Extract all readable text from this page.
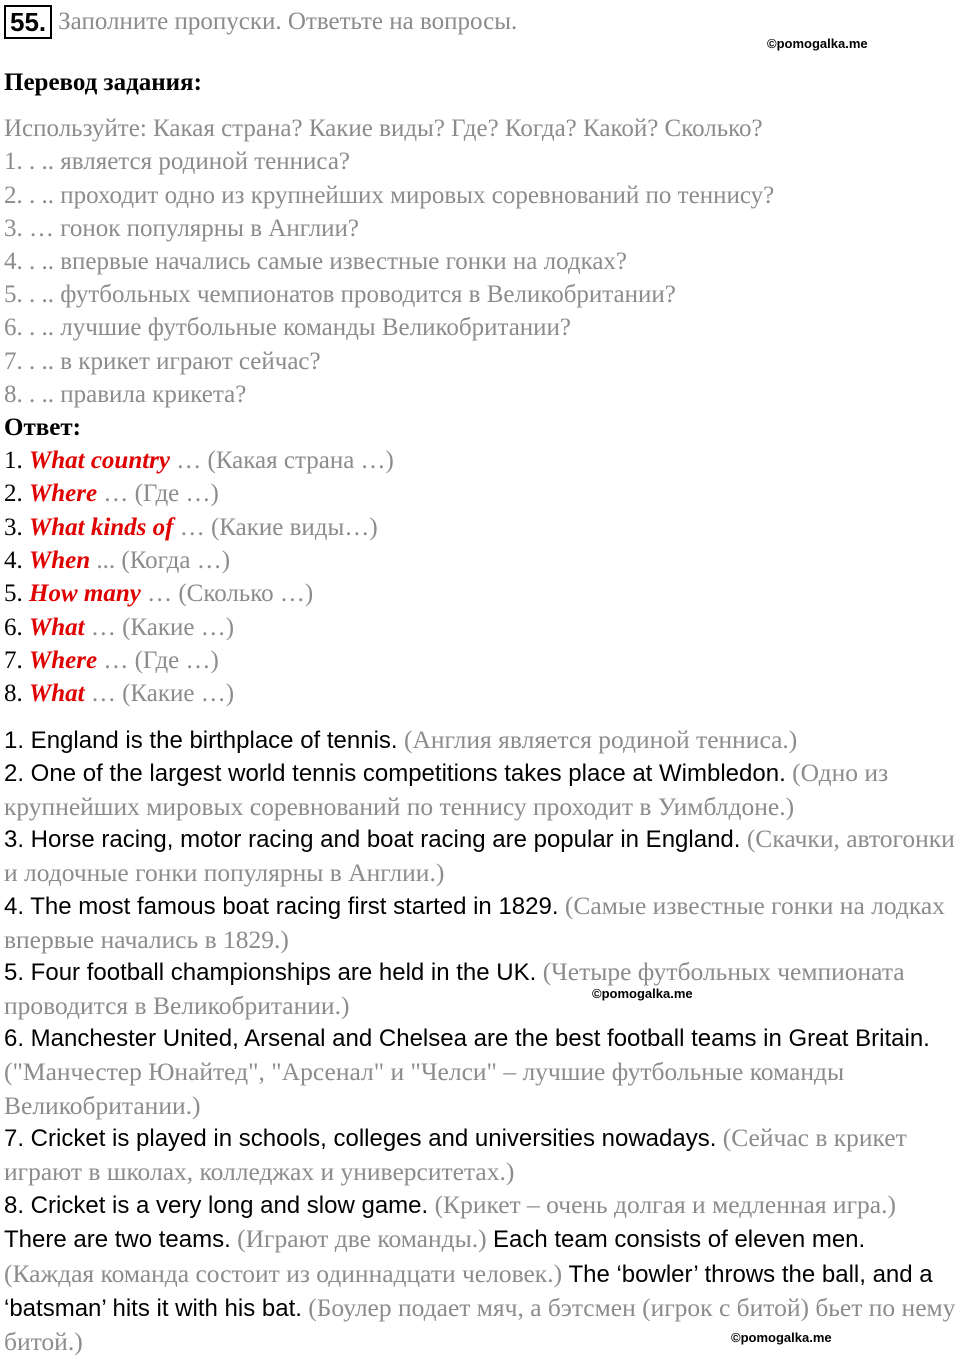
55. Заполните пропуски. Ответьте на вопросы.
©pomogalka.me
Перевод задания:
Используйте: Какая страна? Какие виды? Где? Когда? Какой? Сколько?
1. . .. является родиной тенниса?
2. . .. проходит одно из крупнейших мировых соревнований по теннису?
3. … гонок популярны в Англии?
4. . .. впервые начались самые известные гонки на лодках?
5. . .. футбольных чемпионатов проводится в Великобритании?
6. . .. лучшие футбольные команды Великобритании?
7. . .. в крикет играют сейчас?
8. . .. правила крикета?
Ответ:
1. What country … (Какая страна …)
2. Where … (Где …)
3. What kinds of … (Какие виды…)
4. When ... (Когда …)
5. How many … (Сколько …)
6. What … (Какие …)
7. Where … (Где …)
8. What … (Какие …)
1. England is the birthplace of tennis. (Англия является родиной тенниса.)
2. One of the largest world tennis competitions takes place at Wimbledon. (Одно из крупнейших мировых соревнований по теннису проходит в Уимблдоне.)
3. Horse racing, motor racing and boat racing are popular in England. (Скачки, автогонки и лодочные гонки популярны в Англии.)
4. The most famous boat racing first started in 1829. (Самые известные гонки на лодках впервые начались в 1829.)
5. Four football championships are held in the UK. (Четыре футбольных чемпионата проводится в Великобритании.)
6. Manchester United, Arsenal and Chelsea are the best football teams in Great Britain. ("Манчестер Юнайтед", "Арсенал" и "Челси" – лучшие футбольные команды Великобритании.)
7. Cricket is played in schools, colleges and universities nowadays. (Сейчас в крикет играют в школах, колледжах и университетах.)
8. Cricket is a very long and slow game. (Крикет – очень долгая и медленная игра.) There are two teams. (Играют две команды.) Each team consists of eleven men. (Каждая команда состоит из одиннадцати человек.) The ‘bowler’ throws the ball, and a ‘batsman’ hits it with his bat. (Боулер подает мяч, а бэтсмен (игрок с битой) бьет по нему битой.)
©pomogalka.me
©pomogalka.me
